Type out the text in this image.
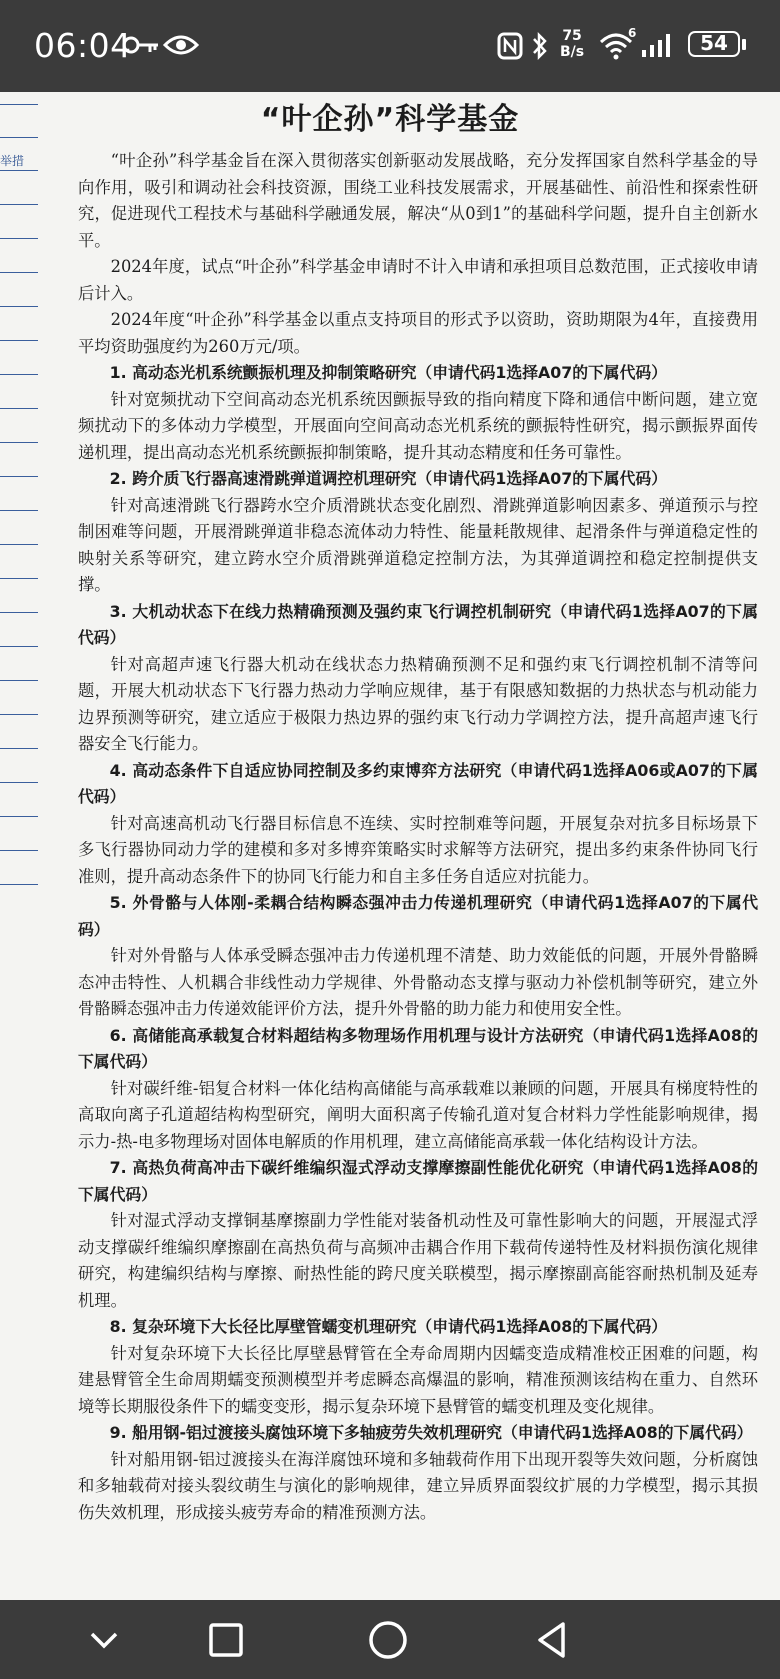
06:04	75
B/s
6	54
举措
“叶企孙”科学基金

“叶企孙”科学基金旨在深入贯彻落实创新驱动发展战略，充分发挥国家自然科学基金的导向作用，吸引和调动社会科技资源，围绕工业科技发展需求，开展基础性、前沿性和探索性研究，促进现代工程技术与基础科学融通发展，解决“从0到1”的基础科学问题，提升自主创新水平。

2024年度，试点“叶企孙”科学基金申请时不计入申请和承担项目总数范围，正式接收申请后计入。

2024年度“叶企孙”科学基金以重点支持项目的形式予以资助，资助期限为4年，直接费用平均资助强度约为260万元/项。

1. 高动态光机系统颤振机理及抑制策略研究（申请代码1选择A07的下属代码）

针对宽频扰动下空间高动态光机系统因颤振导致的指向精度下降和通信中断问题，建立宽频扰动下的多体动力学模型，开展面向空间高动态光机系统的颤振特性研究，揭示颤振界面传递机理，提出高动态光机系统颤振抑制策略，提升其动态精度和任务可靠性。

2. 跨介质飞行器高速滑跳弹道调控机理研究（申请代码1选择A07的下属代码）

针对高速滑跳飞行器跨水空介质滑跳状态变化剧烈、滑跳弹道影响因素多、弹道预示与控制困难等问题，开展滑跳弹道非稳态流体动力特性、能量耗散规律、起滑条件与弹道稳定性的映射关系等研究，建立跨水空介质滑跳弹道稳定控制方法，为其弹道调控和稳定控制提供支撑。

3. 大机动状态下在线力热精确预测及强约束飞行调控机制研究（申请代码1选择A07的下属代码）

针对高超声速飞行器大机动在线状态力热精确预测不足和强约束飞行调控机制不清等问题，开展大机动状态下飞行器力热动力学响应规律，基于有限感知数据的力热状态与机动能力边界预测等研究，建立适应于极限力热边界的强约束飞行动力学调控方法，提升高超声速飞行器安全飞行能力。

4. 高动态条件下自适应协同控制及多约束博弈方法研究（申请代码1选择A06或A07的下属代码）

针对高速高机动飞行器目标信息不连续、实时控制难等问题，开展复杂对抗多目标场景下多飞行器协同动力学的建模和多对多博弈策略实时求解等方法研究，提出多约束条件协同飞行准则，提升高动态条件下的协同飞行能力和自主多任务自适应对抗能力。

5. 外骨骼与人体刚-柔耦合结构瞬态强冲击力传递机理研究（申请代码1选择A07的下属代码）

针对外骨骼与人体承受瞬态强冲击力传递机理不清楚、助力效能低的问题，开展外骨骼瞬态冲击特性、人机耦合非线性动力学规律、外骨骼动态支撑与驱动力补偿机制等研究，建立外骨骼瞬态强冲击力传递效能评价方法，提升外骨骼的助力能力和使用安全性。

6. 高储能高承载复合材料超结构多物理场作用机理与设计方法研究（申请代码1选择A08的下属代码）

针对碳纤维-铝复合材料一体化结构高储能与高承载难以兼顾的问题，开展具有梯度特性的高取向离子孔道超结构构型研究，阐明大面积离子传输孔道对复合材料力学性能影响规律，揭示力-热-电多物理场对固体电解质的作用机理，建立高储能高承载一体化结构设计方法。

7. 高热负荷高冲击下碳纤维编织湿式浮动支撑摩擦副性能优化研究（申请代码1选择A08的下属代码）

针对湿式浮动支撑铜基摩擦副力学性能对装备机动性及可靠性影响大的问题，开展湿式浮动支撑碳纤维编织摩擦副在高热负荷与高频冲击耦合作用下载荷传递特性及材料损伤演化规律研究，构建编织结构与摩擦、耐热性能的跨尺度关联模型，揭示摩擦副高能容耐热机制及延寿机理。

8. 复杂环境下大长径比厚壁管蠕变机理研究（申请代码1选择A08的下属代码）

针对复杂环境下大长径比厚壁悬臂管在全寿命周期内因蠕变造成精准校正困难的问题，构建悬臂管全生命周期蠕变预测模型并考虑瞬态高爆温的影响，精准预测该结构在重力、自然环境等长期服役条件下的蠕变变形，揭示复杂环境下悬臂管的蠕变机理及变化规律。

9. 船用钢-铝过渡接头腐蚀环境下多轴疲劳失效机理研究（申请代码1选择A08的下属代码）

针对船用钢-铝过渡接头在海洋腐蚀环境和多轴载荷作用下出现开裂等失效问题，分析腐蚀和多轴载荷对接头裂纹萌生与演化的影响规律，建立异质界面裂纹扩展的力学模型，揭示其损伤失效机理，形成接头疲劳寿命的精准预测方法。
